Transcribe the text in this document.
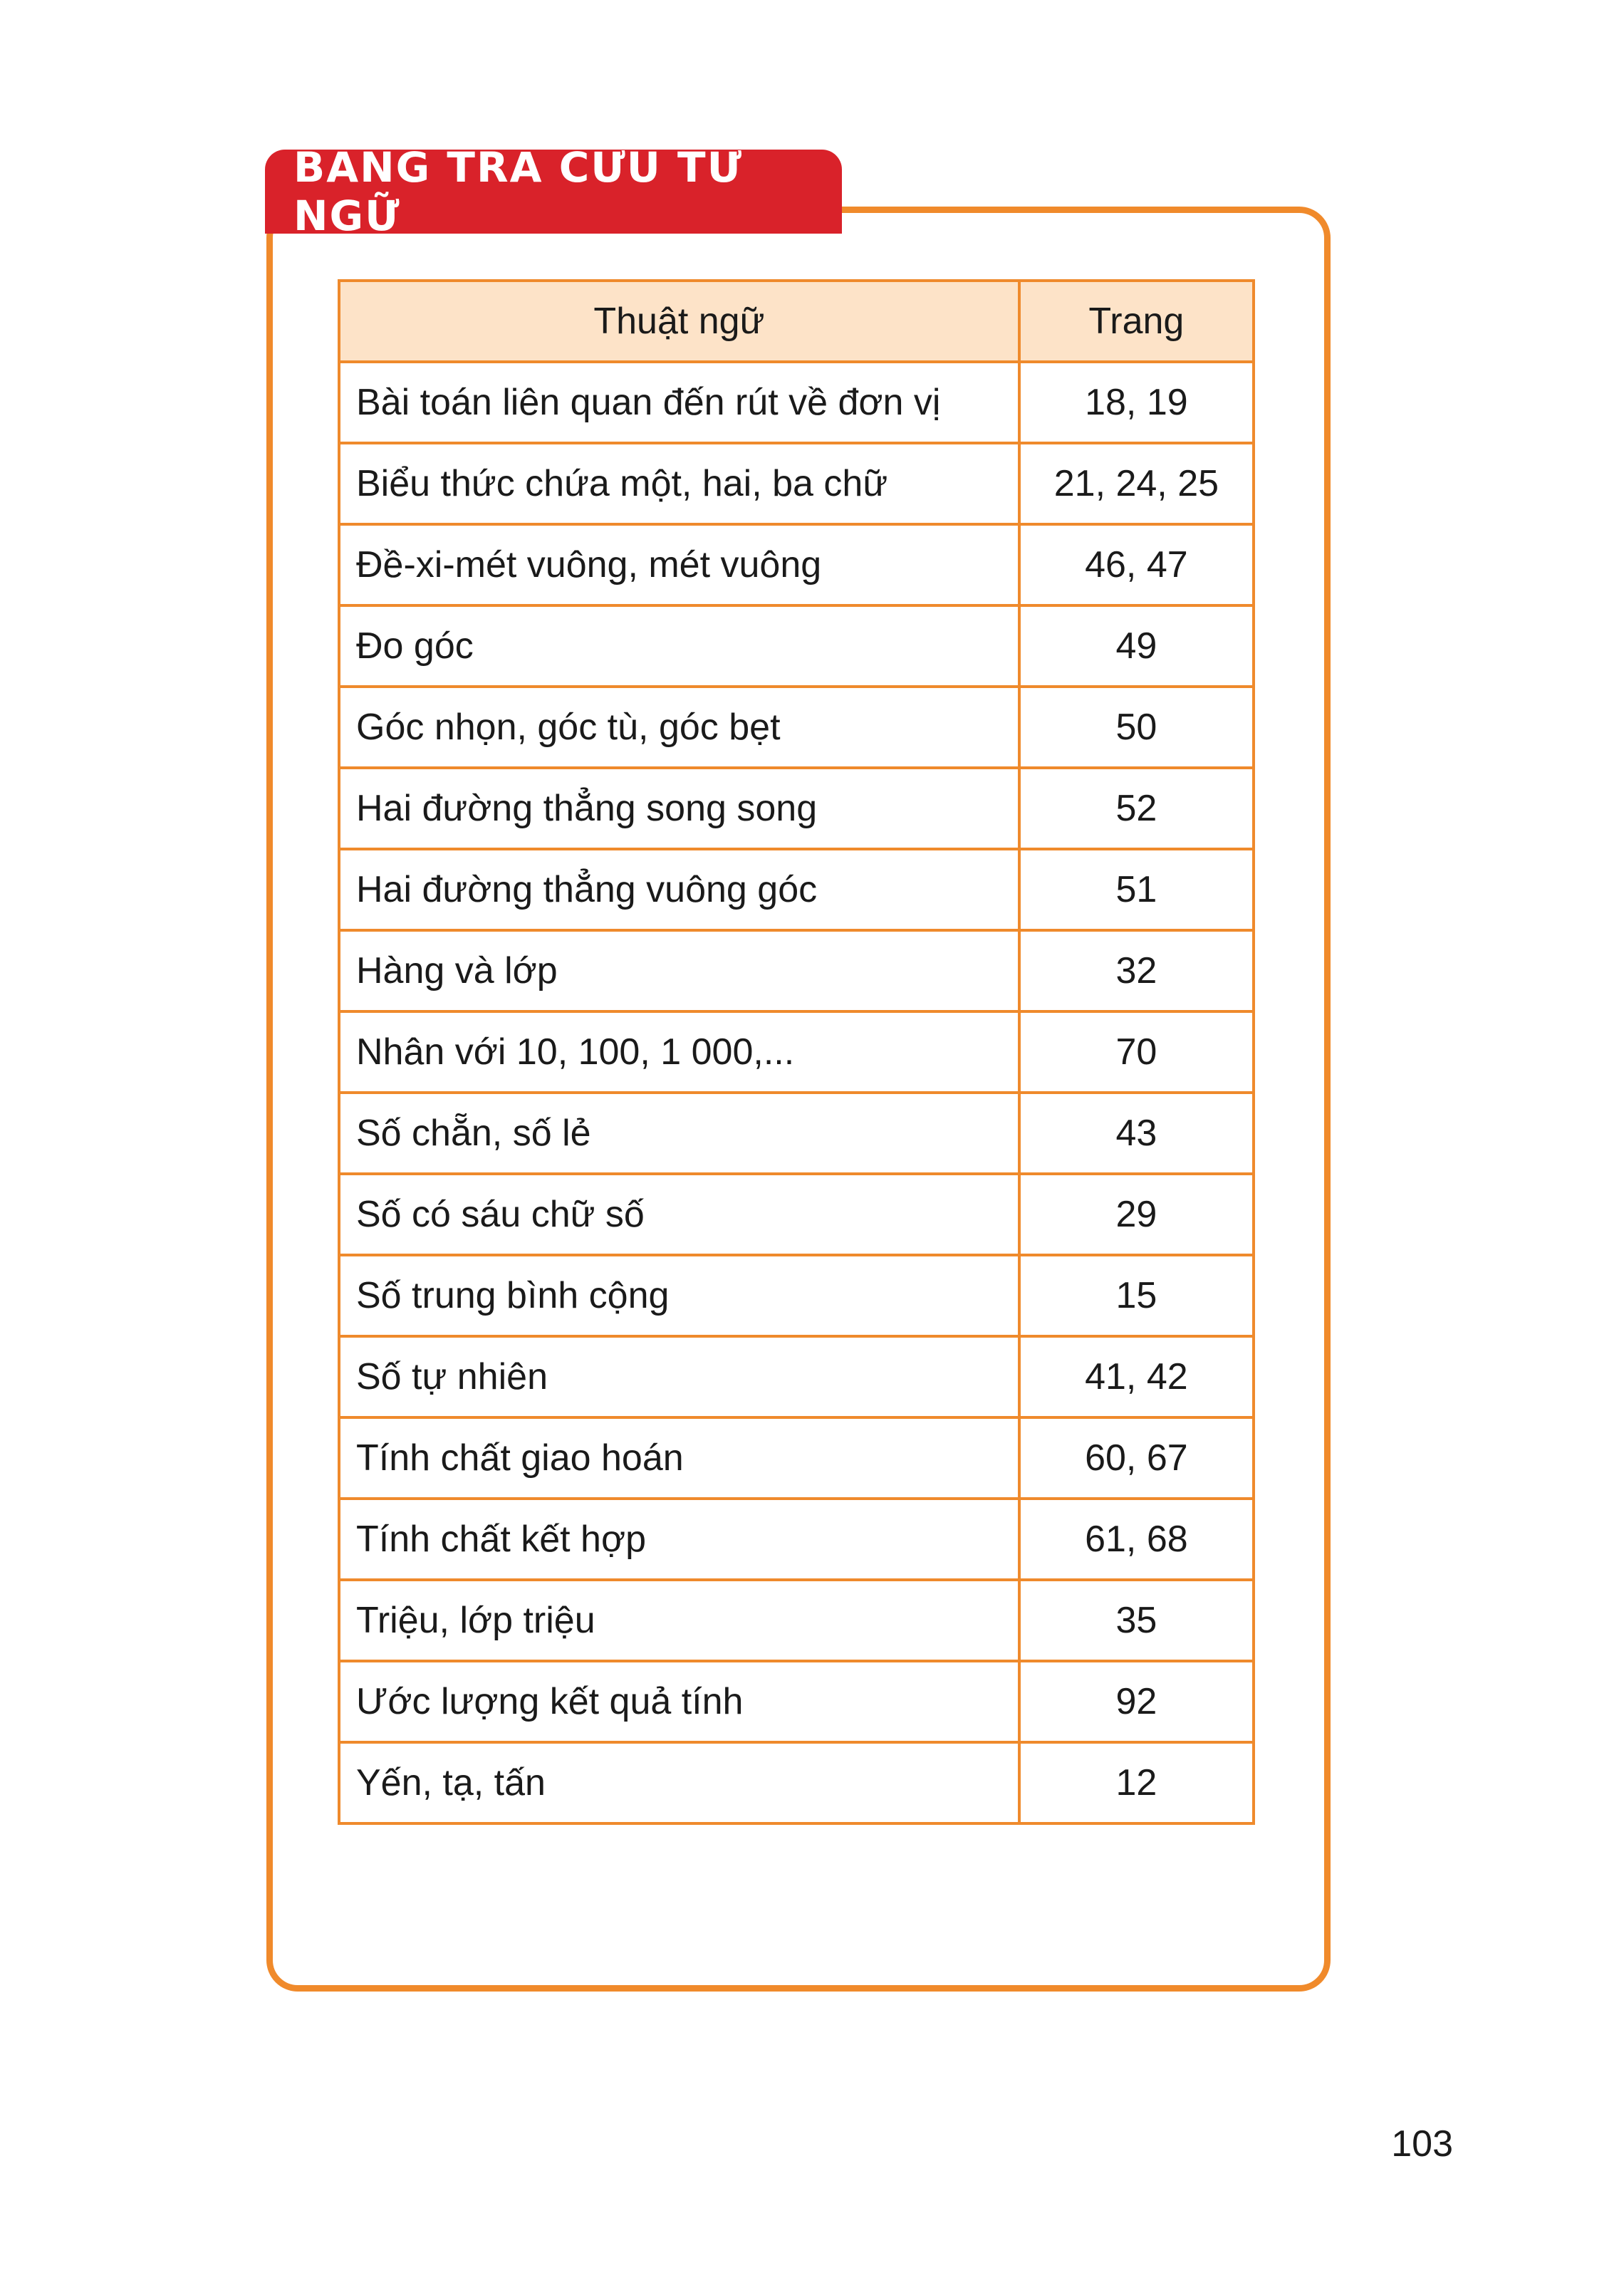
BẢNG TRA CỨU TỪ NGỮ
Thuật ngữ	Trang
Bài toán liên quan đến rút về đơn vị	18, 19
Biểu thức chứa một, hai, ba chữ	21, 24, 25
Đề-xi-mét vuông, mét vuông	46, 47
Đo góc	49
Góc nhọn, góc tù, góc bẹt	50
Hai đường thẳng song song	52
Hai đường thẳng vuông góc	51
Hàng và lớp	32
Nhân với 10, 100, 1 000,...	70
Số chẵn, số lẻ	43
Số có sáu chữ số	29
Số trung bình cộng	15
Số tự nhiên	41, 42
Tính chất giao hoán	60, 67
Tính chất kết hợp	61, 68
Triệu, lớp triệu	35
Ước lượng kết quả tính	92
Yến, tạ, tấn	12
103
